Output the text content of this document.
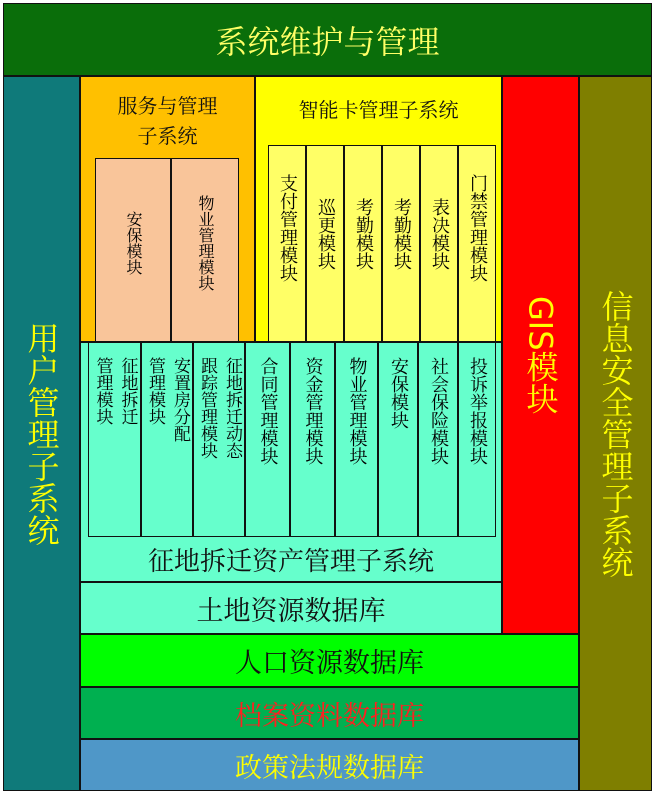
系统维护与管理
用户管理子系统	信息安全管理子系统
GIS模块
服务与管理
子系统
安保模块	物业管理模块
智能卡管理子系统
支付管理模块 巡更模块 考勤模块 考勤模块 表决模块 门禁管理模块
征地拆迁资产管理子系统
管理模块 征地拆迁 管理模块 安置房分配 跟踪管理模块 征地拆迁动态 合同管理模块 资金管理模块 物业管理模块 安保模块 社会保险模块 投诉举报模块
土地资源数据库
人口资源数据库
档案资料数据库
政策法规数据库
